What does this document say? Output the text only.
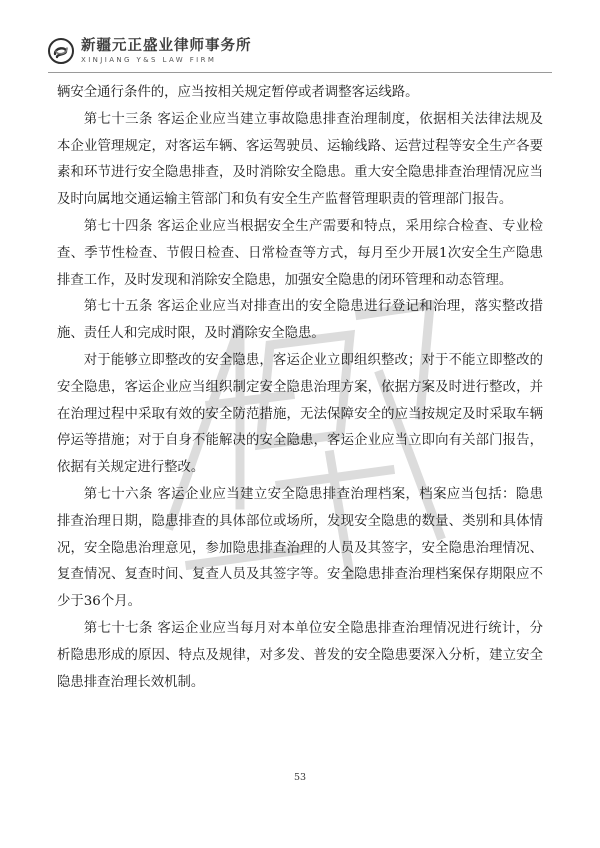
新疆元正盛业律师事务所
XINJIANG Y&S LAW FIRM

辆安全通行条件的，应当按相关规定暂停或者调整客运线路。

第七十三条 客运企业应当建立事故隐患排查治理制度，依据相关法律法规及本企业管理规定，对客运车辆、客运驾驶员、运输线路、运营过程等安全生产各要素和环节进行安全隐患排查，及时消除安全隐患。重大安全隐患排查治理情况应当及时向属地交通运输主管部门和负有安全生产监督管理职责的管理部门报告。

第七十四条 客运企业应当根据安全生产需要和特点，采用综合检查、专业检查、季节性检查、节假日检查、日常检查等方式，每月至少开展1次安全生产隐患排查工作，及时发现和消除安全隐患，加强安全隐患的闭环管理和动态管理。

第七十五条 客运企业应当对排查出的安全隐患进行登记和治理，落实整改措施、责任人和完成时限，及时消除安全隐患。

对于能够立即整改的安全隐患，客运企业立即组织整改；对于不能立即整改的安全隐患，客运企业应当组织制定安全隐患治理方案，依据方案及时进行整改，并在治理过程中采取有效的安全防范措施，无法保障安全的应当按规定及时采取车辆停运等措施；对于自身不能解决的安全隐患，客运企业应当立即向有关部门报告，依据有关规定进行整改。

第七十六条 客运企业应当建立安全隐患排查治理档案，档案应当包括：隐患排查治理日期，隐患排查的具体部位或场所，发现安全隐患的数量、类别和具体情况，安全隐患治理意见，参加隐患排查治理的人员及其签字，安全隐患治理情况、复查情况、复查时间、复查人员及其签字等。安全隐患排查治理档案保存期限应不少于36个月。

第七十七条 客运企业应当每月对本单位安全隐患排查治理情况进行统计，分析隐患形成的原因、特点及规律，对多发、普发的安全隐患要深入分析，建立安全隐患排查治理长效机制。

53
